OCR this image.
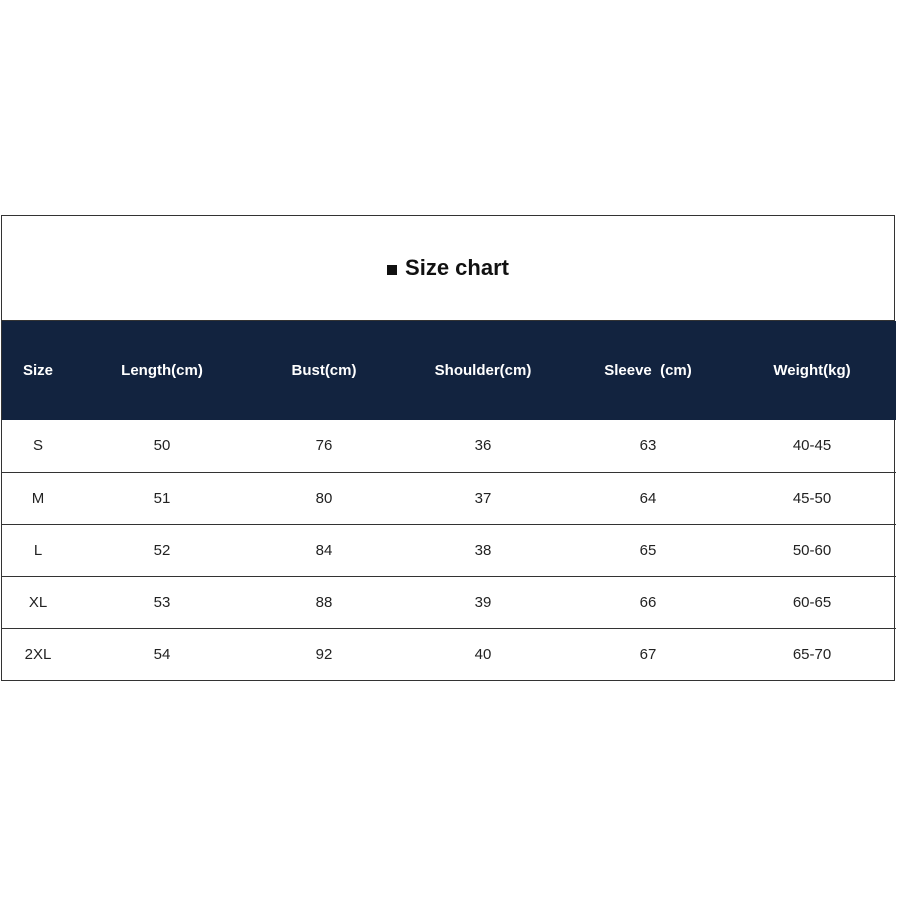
Size chart
Size	Length(cm)	Bust(cm)	Shoulder(cm)	Sleeve  (cm)	Weight(kg)
S	50	76	36	63	40-45
M	51	80	37	64	45-50
L	52	84	38	65	50-60
XL	53	88	39	66	60-65
2XL	54	92	40	67	65-70
